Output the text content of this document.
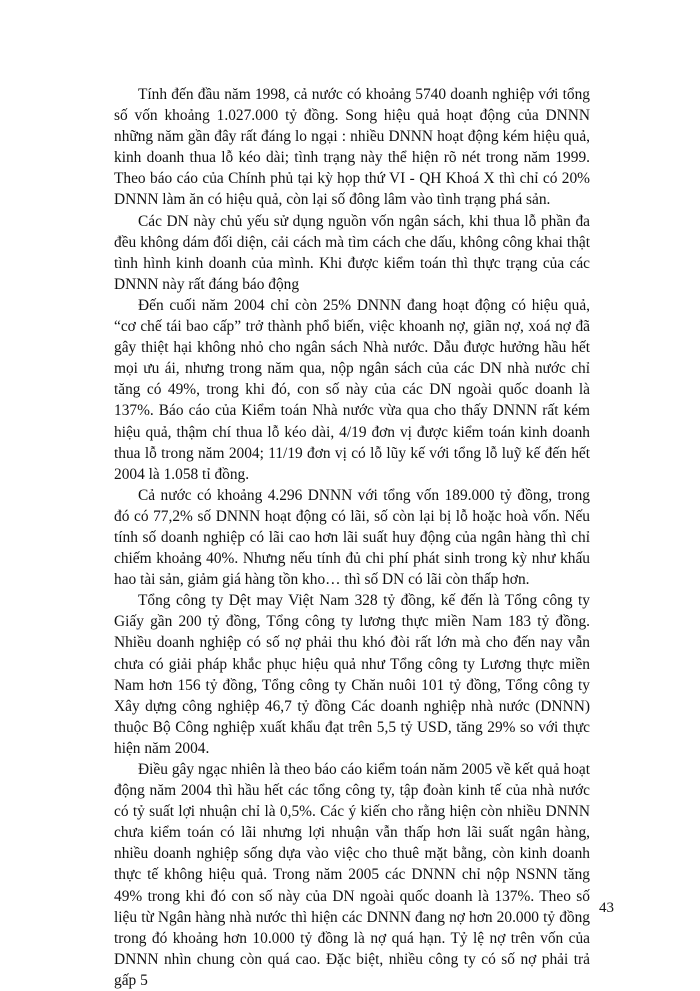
Tính đến đầu năm 1998, cả nước có khoảng 5740 doanh nghiệp với tổng số vốn khoảng 1.027.000 tỷ đồng. Song hiệu quả hoạt động của DNNN những năm gần đây rất đáng lo ngại : nhiều DNNN hoạt động kém hiệu quả, kinh doanh thua lỗ kéo dài; tình trạng này thể hiện rõ nét trong năm 1999. Theo báo cáo của Chính phủ tại kỳ họp thứ VI - QH Khoá X thì chỉ có 20% DNNN làm ăn có hiệu quả, còn lại số đông lâm vào tình trạng phá sản.

Các DN này chủ yếu sử dụng nguồn vốn ngân sách, khi thua lỗ phần đa đều không dám đối diện, cải cách mà tìm cách che dấu, không công khai thật tình hình kinh doanh của mình. Khi được kiểm toán thì thực trạng của các DNNN này rất đáng báo động

Đến cuối năm 2004 chỉ còn 25% DNNN đang hoạt động có hiệu quả, “cơ chế tái bao cấp” trở thành phổ biến, việc khoanh nợ, giãn nợ, xoá nợ đã gây thiệt hại không nhỏ cho ngân sách Nhà nước. Dẫu được hưởng hầu hết mọi ưu ái, nhưng trong năm qua, nộp ngân sách của các DN nhà nước chỉ tăng có 49%, trong khi đó, con số này của các DN ngoài quốc doanh là 137%. Báo cáo của Kiểm toán Nhà nước vừa qua cho thấy DNNN rất kém hiệu quả, thậm chí thua lỗ kéo dài, 4/19 đơn vị được kiểm toán kinh doanh thua lỗ trong năm 2004; 11/19 đơn vị có lỗ lũy kế với tổng lỗ luỹ kế đến hết 2004 là 1.058 tỉ đồng.

Cả nước có khoảng 4.296 DNNN với tổng vốn 189.000 tỷ đồng, trong đó có 77,2% số DNNN hoạt động có lãi, số còn lại bị lỗ hoặc hoà vốn. Nếu tính số doanh nghiệp có lãi cao hơn lãi suất huy động của ngân hàng thì chỉ chiếm khoảng 40%. Nhưng nếu tính đủ chi phí phát sinh trong kỳ như khấu hao tài sản, giảm giá hàng tồn kho… thì số DN có lãi còn thấp hơn.

Tổng công ty Dệt may Việt Nam 328 tỷ đồng, kế đến là Tổng công ty Giấy gần 200 tỷ đồng, Tổng công ty lương thực miền Nam 183 tỷ đồng. Nhiều doanh nghiệp có số nợ phải thu khó đòi rất lớn mà cho đến nay vẫn chưa có giải pháp khắc phục hiệu quả như Tổng công ty Lương thực miền Nam hơn 156 tỷ đồng, Tổng công ty Chăn nuôi 101 tỷ đồng, Tổng công ty Xây dựng công nghiệp 46,7 tỷ đồng Các doanh nghiệp nhà nước (DNNN) thuộc Bộ Công nghiệp xuất khẩu đạt trên 5,5 tỷ USD, tăng 29% so với thực hiện năm 2004.

Điều gây ngạc nhiên là theo báo cáo kiểm toán năm 2005 về kết quả hoạt động năm 2004 thì hầu hết các tổng công ty, tập đoàn kinh tế của nhà nước có tỷ suất lợi nhuận chỉ là 0,5%. Các ý kiến cho rằng hiện còn nhiều DNNN chưa kiểm toán có lãi nhưng lợi nhuận vẫn thấp hơn lãi suất ngân hàng, nhiều doanh nghiệp sống dựa vào việc cho thuê mặt bằng, còn kinh doanh thực tế không hiệu quả. Trong năm 2005 các DNNN chỉ nộp NSNN tăng 49% trong khi đó con số này của DN ngoài quốc doanh là 137%. Theo số liệu từ Ngân hàng nhà nước thì hiện các DNNN đang nợ hơn 20.000 tỷ đồng trong đó khoảng hơn 10.000 tỷ đồng là nợ quá hạn. Tỷ lệ nợ trên vốn của DNNN nhìn chung còn quá cao. Đặc biệt, nhiều công ty có số nợ phải trả gấp 5

43
